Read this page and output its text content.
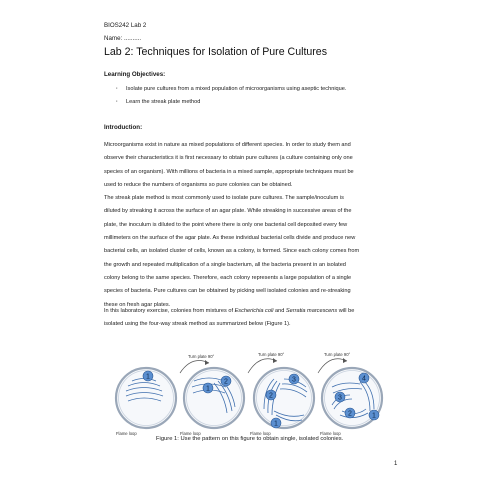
BIOS242 Lab 2
Name: ..........
Lab 2: Techniques for Isolation of Pure Cultures
Learning Objectives:
· Isolate pure cultures from a mixed population of microorganisms using aseptic technique.
· Learn the streak plate method
Introduction:

Microorganisms exist in nature as mixed populations of different species. In order to study them and
observe their characteristics it is first necessary to obtain pure cultures (a culture containing only one
species of an organism). With millions of bacteria in a mixed sample, appropriate techniques must be
used to reduce the numbers of organisms so pure colonies can be obtained.
The streak plate method is most commonly used to isolate pure cultures. The sample/inoculum is
diluted by streaking it across the surface of an agar plate. While streaking in successive areas of the
plate, the inoculum is diluted to the point where there is only one bacterial cell deposited every few
millimeters on the surface of the agar plate. As these individual bacterial cells divide and produce new
bacterial cells, an isolated cluster of cells, known as a colony, is formed. Since each colony comes from
the growth and repeated multiplication of a single bacterium, all the bacteria present in an isolated
colony belong to the same species. Therefore, each colony represents a large population of a single
species of bacteria. Pure cultures can be obtained by picking well isolated colonies and re-streaking
these on fresh agar plates.

In this laboratory exercise, colonies from mixtures of Escherichia coli and Serratia marcescens will be
isolated using the four-way streak method as summarized below (Figure 1).

1
Flame loop
Turn plate 90°
1
2
Flame loop
Turn plate 90°
3
2
1
Flame loop
Turn plate 90°
4
3
2	1
Flame loop
Figure 1: Use the pattern on this figure to obtain single, isolated colonies.
1
